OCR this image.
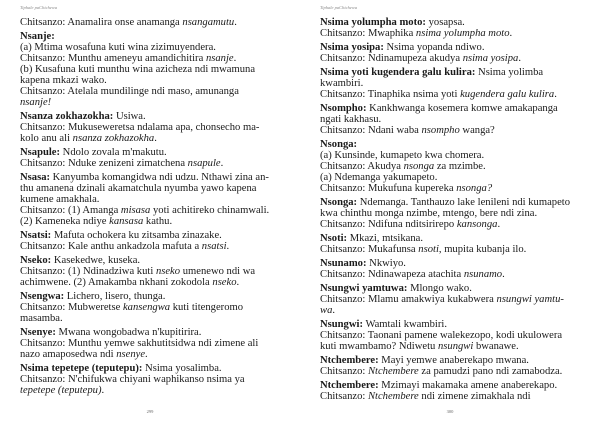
Tiphale paChichewa
Chitsanzo: Anamalira onse anamanga nsangamutu.
Nsanje:
(a) Mtima wosafuna kuti wina zizimuyendera.
Chitsanzo: Munthu ameneyu amandichitira nsanje.
(b) Kusafuna kuti munthu wina azicheza ndi mwamuna
kapena mkazi wako.
Chitsanzo: Atelala mundilinge ndi maso, amunanga
nsanje!
Nsanza zokhazokha: Usiwa.
Chitsanzo: Mukuseweretsa ndalama apa, chonsecho ma-
kolo anu ali nsanza zokhazokha.
Nsapule: Ndolo zovala m'makutu.
Chitsanzo: Nduke zenizeni zimatchena nsapule.
Nsasa: Kanyumba komangidwa ndi udzu. Nthawi zina an-
thu amanena dzinali akamatchula nyumba yawo kapena
kumene amakhala.
Chitsanzo: (1) Amanga misasa yoti achitireko chinamwali.
(2) Kameneka ndiye kansasa kathu.
Nsatsi: Mafuta ochokera ku zitsamba zinazake.
Chitsanzo: Kale anthu ankadzola mafuta a nsatsi.
Nseko: Kasekedwe, kuseka.
Chitsanzo: (1) Ndinadziwa kuti nseko umenewo ndi wa
achimwene. (2) Amakamba nkhani zokodola nseko.
Nsengwa: Lichero, lisero, thunga.
Chitsanzo: Mubweretse kansengwa kuti titengeromo
masamba.
Nsenye: Mwana wongobadwa n'kupitirira.
Chitsanzo: Munthu yemwe sakhutitsidwa ndi zimene ali
nazo amaposedwa ndi nsenye.
Nsima tepetepe (teputepu): Nsima yosalimba.
Chitsanzo: N'chifukwa chiyani waphikanso nsima ya
tepetepe (teputepu).
299
Tiphale paChichewa
Nsima yolumpha moto: yosapsa.
Chitsanzo: Mwaphika nsima yolumpha moto.
Nsima yosipa: Nsima yopanda ndiwo.
Chitsanzo: Ndinamupeza akudya nsima yosipa.
Nsima yoti kugendera galu kulira: Nsima yolimba
kwambiri.
Chitsanzo: Tinaphika nsima yoti kugendera galu kulira.
Nsompho: Kankhwanga kosemera komwe amakapanga
ngati kakhasu.
Chitsanzo: Ndani waba nsompho wanga?
Nsonga:
(a) Kunsinde, kumapeto kwa chomera.
Chitsanzo: Akudya nsonga za mzimbe.
(a) Ndemanga yakumapeto.
Chitsanzo: Mukufuna kupereka nsonga?
Nsonga: Ndemanga. Tanthauzo lake lenileni ndi kumapeto
kwa chinthu monga nzimbe, mtengo, bere ndi zina.
Chitsanzo: Ndifuna nditsirirepo kansonga.
Nsoti: Mkazi, mtsikana.
Chitsanzo: Mukafunsa nsoti, mupita kubanja ilo.
Nsunamo: Nkwiyo.
Chitsanzo: Ndinawapeza atachita nsunamo.
Nsungwi yamtuwa: Mlongo wako.
Chitsanzo: Mlamu amakwiya kukabwera nsungwi yamtu-
wa.
Nsungwi: Wamtali kwambiri.
Chitsanzo: Taonani pamene walekezopo, kodi ukulowera
kuti mwambamo? Ndiwetu nsungwi bwanawe.
Ntchembere: Mayi yemwe anaberekapo mwana.
Chitsanzo: Ntchembere za pamudzi pano ndi zamabodza.
Ntchembere: Mzimayi makamaka amene anaberekapo.
Chitsanzo: Ntchembere ndi zimene zimakhala ndi
300
